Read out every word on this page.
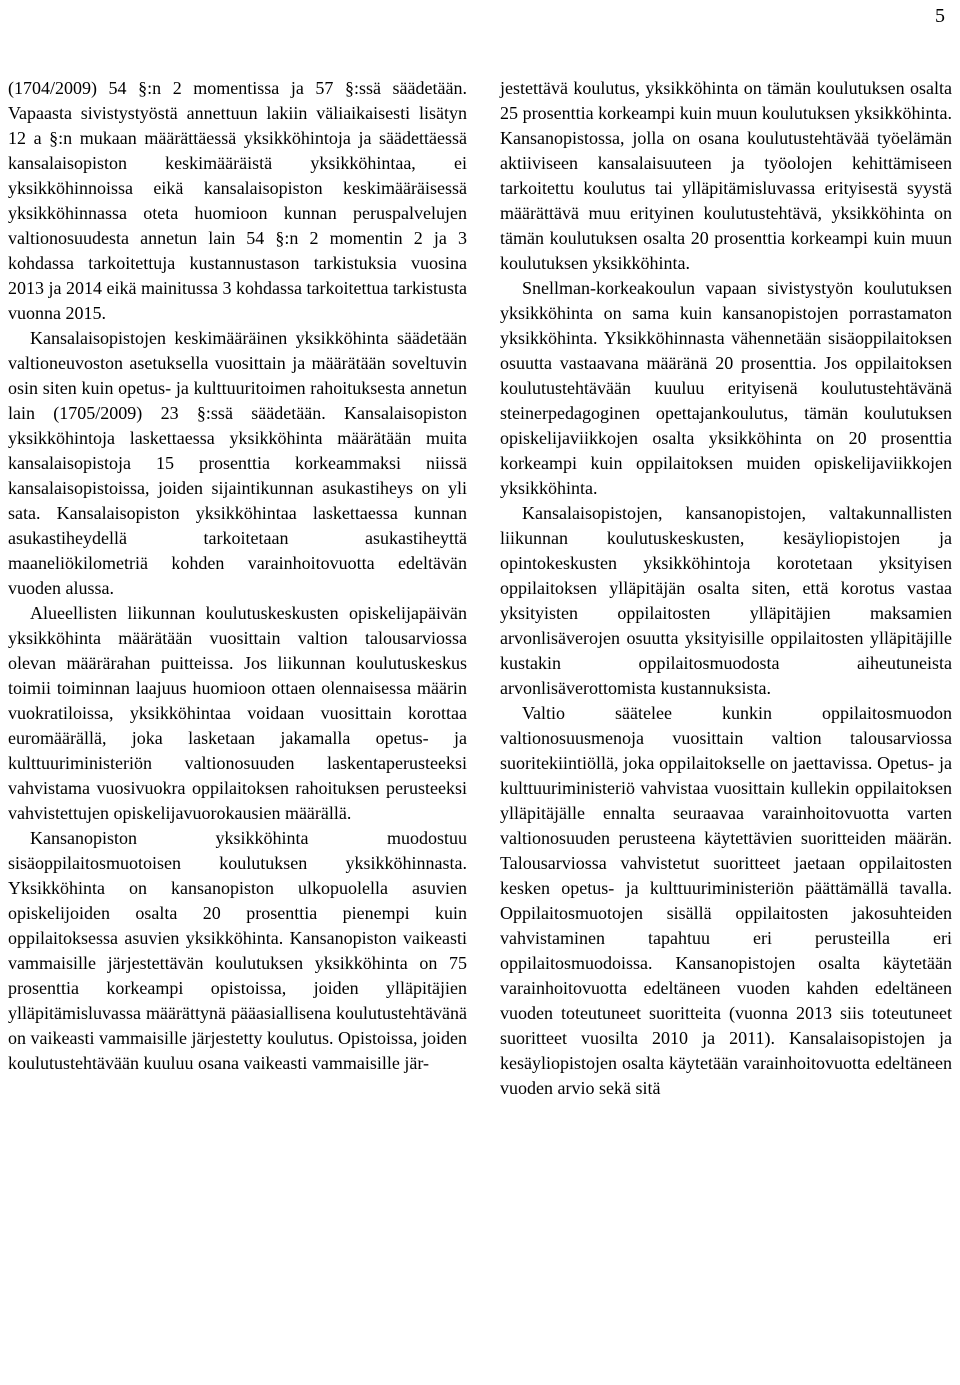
5

(1704/2009) 54 §:n 2 momentissa ja 57 §:ssä säädetään. Vapaasta sivistystyöstä annettuun lakiin väliaikaisesti lisätyn 12 a §:n mukaan määrättäessä yksikköhintoja ja säädettäessä kansalaisopiston keskimääräistä yksikköhintaa, ei yksikköhinnoissa eikä kansalaisopiston keskimääräisessä yksikköhinnassa oteta huomioon kunnan peruspalvelujen valtionosuudesta annetun lain 54 §:n 2 momentin 2 ja 3 kohdassa tarkoitettuja kustannustason tarkistuksia vuosina 2013 ja 2014 eikä mainitussa 3 kohdassa tarkoitettua tarkistusta vuonna 2015.

Kansalaisopistojen keskimääräinen yksikköhinta säädetään valtioneuvoston asetuksella vuosittain ja määrätään soveltuvin osin siten kuin opetus- ja kulttuuritoimen rahoituksesta annetun lain (1705/2009) 23 §:ssä säädetään. Kansalaisopiston yksikköhintoja laskettaessa yksikköhinta määrätään muita kansalaisopistoja 15 prosenttia korkeammaksi niissä kansalaisopistoissa, joiden sijaintikunnan asukastiheys on yli sata. Kansalaisopiston yksikköhintaa laskettaessa kunnan asukastiheydellä tarkoitetaan asukastiheyttä maaneliökilometriä kohden varainhoitovuotta edeltävän vuoden alussa.

Alueellisten liikunnan koulutuskeskusten opiskelijapäivän yksikköhinta määrätään vuosittain valtion talousarviossa olevan määrärahan puitteissa. Jos liikunnan koulutuskeskus toimii toiminnan laajuus huomioon ottaen olennaisessa määrin vuokratiloissa, yksikköhintaa voidaan vuosittain korottaa euromäärällä, joka lasketaan jakamalla opetus- ja kulttuuriministeriön valtionosuuden laskentaperusteeksi vahvistama vuosivuokra oppilaitoksen rahoituksen perusteeksi vahvistettujen opiskelijavuorokausien määrällä.

Kansanopiston yksikköhinta muodostuu sisäoppilaitosmuotoisen koulutuksen yksikköhinnasta. Yksikköhinta on kansanopiston ulkopuolella asuvien opiskelijoiden osalta 20 prosenttia pienempi kuin oppilaitoksessa asuvien yksikköhinta. Kansanopiston vaikeasti vammaisille järjestettävän koulutuksen yksikköhinta on 75 prosenttia korkeampi opistoissa, joiden ylläpitäjien ylläpitämisluvassa määrättynä pääasiallisena koulutustehtävänä on vaikeasti vammaisille järjestetty koulutus. Opistoissa, joiden koulutustehtävään kuuluu osana vaikeasti vammaisille jär-

jestettävä koulutus, yksikköhinta on tämän koulutuksen osalta 25 prosenttia korkeampi kuin muun koulutuksen yksikköhinta. Kansanopistossa, jolla on osana koulutustehtävää työelämän aktiiviseen kansalaisuuteen ja työolojen kehittämiseen tarkoitettu koulutus tai ylläpitämisluvassa erityisestä syystä määrättävä muu erityinen koulutustehtävä, yksikköhinta on tämän koulutuksen osalta 20 prosenttia korkeampi kuin muun koulutuksen yksikköhinta.

Snellman-korkeakoulun vapaan sivistystyön koulutuksen yksikköhinta on sama kuin kansanopistojen porrastamaton yksikköhinta. Yksikköhinnasta vähennetään sisäoppilaitoksen osuutta vastaavana määränä 20 prosenttia. Jos oppilaitoksen koulutustehtävään kuuluu erityisenä koulutustehtävänä steinerpedagoginen opettajankoulutus, tämän koulutuksen opiskelijaviikkojen osalta yksikköhinta on 20 prosenttia korkeampi kuin oppilaitoksen muiden opiskelijaviikkojen yksikköhinta.

Kansalaisopistojen, kansanopistojen, valtakunnallisten liikunnan koulutuskeskusten, kesäyliopistojen ja opintokeskusten yksikköhintoja korotetaan yksityisen oppilaitoksen ylläpitäjän osalta siten, että korotus vastaa yksityisten oppilaitosten ylläpitäjien maksamien arvonlisäverojen osuutta yksityisille oppilaitosten ylläpitäjille kustakin oppilaitosmuodosta aiheutuneista arvonlisäverottomista kustannuksista.

Valtio säätelee kunkin oppilaitosmuodon valtionosuusmenoja vuosittain valtion talousarviossa suoritekiintiöllä, joka oppilaitokselle on jaettavissa. Opetus- ja kulttuuriministeriö vahvistaa vuosittain kullekin oppilaitoksen ylläpitäjälle ennalta seuraavaa varainhoitovuotta varten valtionosuuden perusteena käytettävien suoritteiden määrän. Talousarviossa vahvistetut suoritteet jaetaan oppilaitosten kesken opetus- ja kulttuuriministeriön päättämällä tavalla. Oppilaitosmuotojen sisällä oppilaitosten jakosuhteiden vahvistaminen tapahtuu eri perusteilla eri oppilaitosmuodoissa. Kansanopistojen osalta käytetään varainhoitovuotta edeltäneen vuoden kahden edeltäneen vuoden toteutuneet suoritteita (vuonna 2013 siis toteutuneet suoritteet vuosilta 2010 ja 2011). Kansalaisopistojen ja kesäyliopistojen osalta käytetään varainhoitovuotta edeltäneen vuoden arvio sekä sitä
